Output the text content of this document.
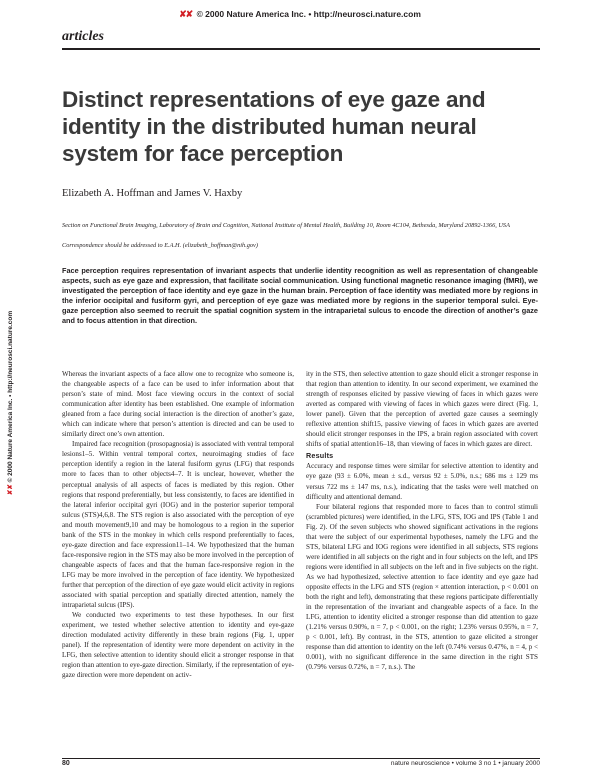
✘✘ © 2000 Nature America Inc. • http://neurosci.nature.com
articles
Distinct representations of eye gaze and identity in the distributed human neural system for face perception
Elizabeth A. Hoffman and James V. Haxby
Section on Functional Brain Imaging, Laboratory of Brain and Cognition, National Institute of Mental Health, Building 10, Room 4C104, Bethesda, Maryland 20892-1366, USA
Correspondence should be addressed to E.A.H. (elizabeth_hoffman@nih.gov)
Face perception requires representation of invariant aspects that underlie identity recognition as well as representation of changeable aspects, such as eye gaze and expression, that facilitate social communication. Using functional magnetic resonance imaging (fMRI), we investigated the perception of face identity and eye gaze in the human brain. Perception of face identity was mediated more by regions in the inferior occipital and fusiform gyri, and perception of eye gaze was mediated more by regions in the superior temporal sulci. Eye-gaze perception also seemed to recruit the spatial cognition system in the intraparietal sulcus to encode the direction of another’s gaze and to focus attention in that direction.
✘✘ © 2000 Nature America Inc. • http://neurosci.nature.com	Whereas the invariant aspects of a face allow one to recognize who someone is, the changeable aspects of a face can be used to infer information about that person’s state of mind. Most face viewing occurs in the context of social communication after identity has been established. One example of information gleaned from a face during social interaction is the direction of another’s gaze, which can indicate where that person’s attention is directed and can be used to similarly direct one’s own attention.

Impaired face recognition (prosopagnosia) is associated with ventral temporal lesions1–5. Within ventral temporal cortex, neuroimaging studies of face perception identify a region in the lateral fusiform gyrus (LFG) that responds more to faces than to other objects4–7. It is unclear, however, whether the perceptual analysis of all aspects of faces is mediated by this region. Other regions that respond preferentially, but less consistently, to faces are identified in the lateral inferior occipital gyri (IOG) and in the posterior superior temporal sulcus (STS)4,6,8. The STS region is also associated with the perception of eye and mouth movement9,10 and may be homologous to a region in the superior bank of the STS in the monkey in which cells respond preferentially to faces, eye-gaze direction and face expression11–14. We hypothesized that the human face-responsive region in the STS may also be more involved in the perception of changeable aspects of faces and that the human face-responsive region in the LFG may be more involved in the perception of face identity. We hypothesized further that perception of the direction of eye gaze would elicit activity in regions associated with spatial perception and spatially directed attention, namely the intraparietal sulcus (IPS).

We conducted two experiments to test these hypotheses. In our first experiment, we tested whether selective attention to identity and eye-gaze direction modulated activity differently in these brain regions (Fig. 1, upper panel). If the representation of identity were more dependent on activity in the LFG, then selective attention to identity should elicit a stronger response in that region than attention to eye-gaze direction. Similarly, if the representation of eye-gaze direction were more dependent on activ-

ity in the STS, then selective attention to gaze should elicit a stronger response in that region than attention to identity. In our second experiment, we examined the strength of responses elicited by passive viewing of faces in which gazes were averted as compared with viewing of faces in which gazes were direct (Fig. 1, lower panel). Given that the perception of averted gaze causes a seemingly reflexive attention shift15, passive viewing of faces in which gazes are averted should elicit stronger responses in the IPS, a brain region associated with covert shifts of spatial attention16–18, than viewing of faces in which gazes are direct.

Results

Accuracy and response times were similar for selective attention to identity and eye gaze (93 ± 6.0%, mean ± s.d., versus 92 ± 5.0%, n.s.; 686 ms ± 129 ms versus 722 ms ± 147 ms, n.s.), indicating that the tasks were well matched on difficulty and attentional demand.

Four bilateral regions that responded more to faces than to control stimuli (scrambled pictures) were identified, in the LFG, STS, IOG and IPS (Table 1 and Fig. 2). Of the seven subjects who showed significant activations in the regions that were the subject of our experimental hypotheses, namely the LFG and the STS, bilateral LFG and IOG regions were identified in all subjects, STS regions were identified in all subjects on the right and in four subjects on the left, and IPS regions were identified in all subjects on the left and in five subjects on the right. As we had hypothesized, selective attention to face identity and eye gaze had opposite effects in the LFG and STS (region × attention interaction, p < 0.001 on both the right and left), demonstrating that these regions participate differentially in the representation of the invariant and changeable aspects of a face. In the LFG, attention to identity elicited a stronger response than did attention to gaze (1.21% versus 0.90%, n = 7, p < 0.001, on the right; 1.23% versus 0.95%, n = 7, p < 0.001, left). By contrast, in the STS, attention to gaze elicited a stronger response than did attention to identity on the left (0.74% versus 0.47%, n = 4, p < 0.001), with no significant difference in the same direction in the right STS (0.79% versus 0.72%, n = 7, n.s.). The

80	nature neuroscience • volume 3 no 1 • january 2000
